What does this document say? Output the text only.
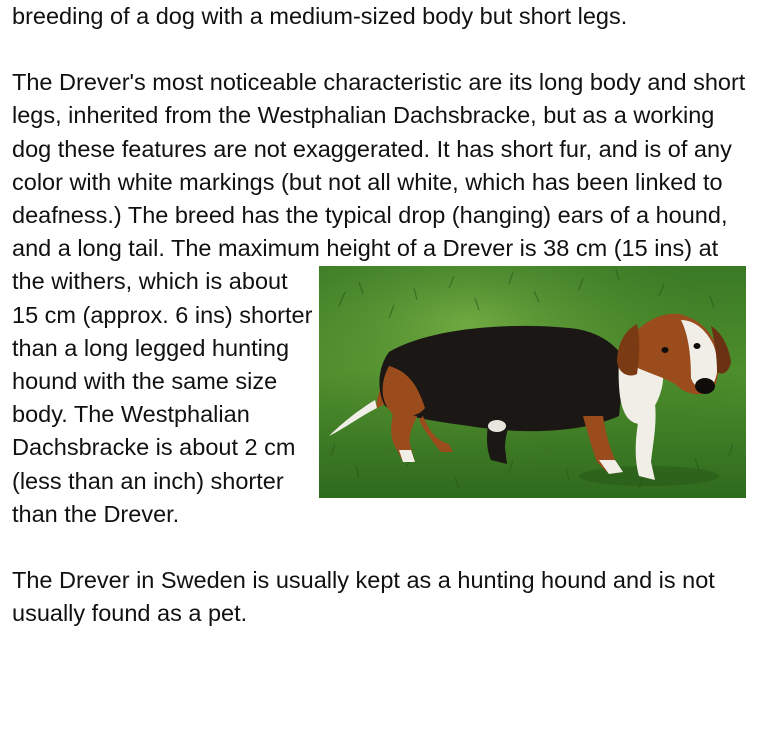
breeding of a dog with a medium-sized body but short legs.

The Drever's most noticeable characteristic are its long body and short legs, inherited from the Westphalian Dachsbracke, but as a working dog these features are not exaggerated. It has short fur, and is of any color with white markings (but not all white, which has been linked to deafness.) The breed has the typical drop (hanging) ears of a hound, and a long tail. The maximum height of a Drever is 38 cm (15 ins) at the
withers, which is about 15 cm (approx. 6 ins) shorter than a long legged hunting hound with the same size body. The Westphalian Dachsbracke is about 2 cm (less than an inch) shorter than the Drever.

The Drever in Sweden is usually kept as a hunting hound and is not usually found as a pet.
